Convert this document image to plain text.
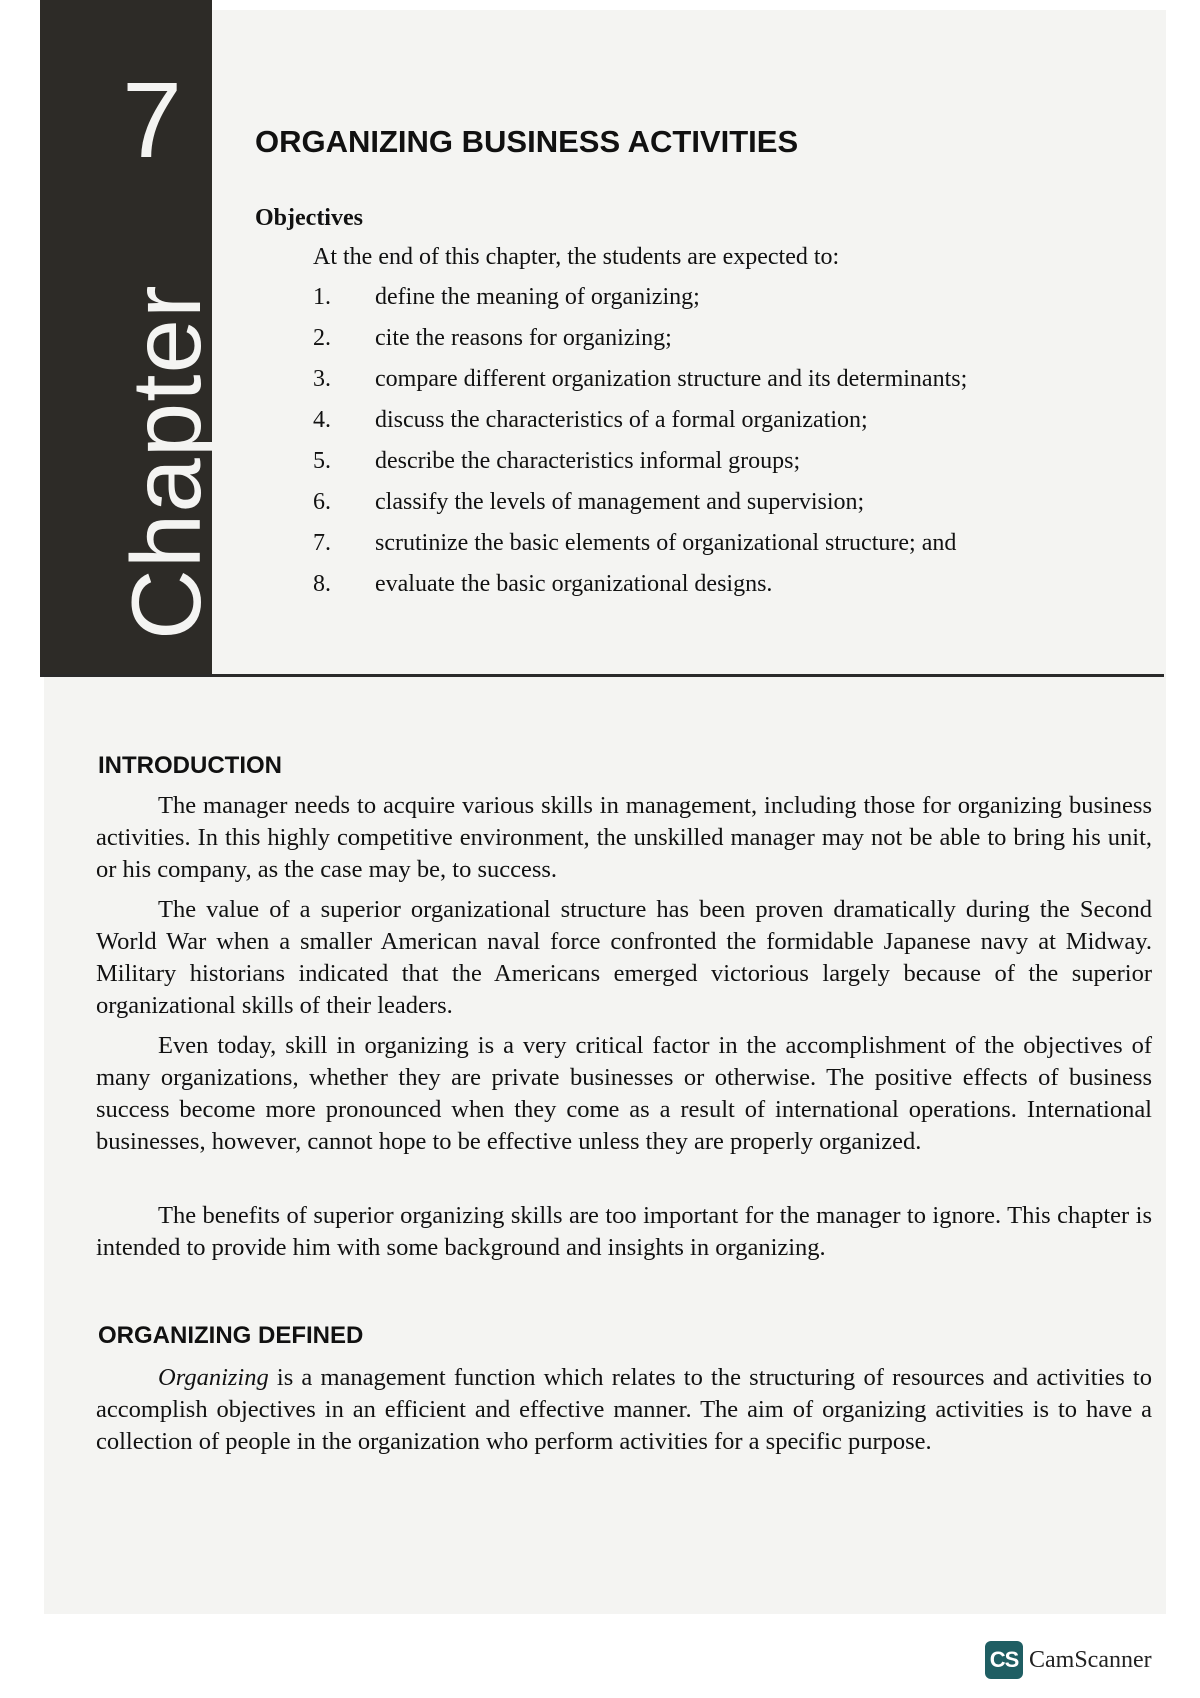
7
Chapter
ORGANIZING BUSINESS ACTIVITIES
Objectives
At the end of this chapter, the students are expected to:
1. define the meaning of organizing;
2. cite the reasons for organizing;
3. compare different organization structure and its determinants;
4. discuss the characteristics of a formal organization;
5. describe the characteristics informal groups;
6. classify the levels of management and supervision;
7. scrutinize the basic elements of organizational structure; and
8. evaluate the basic organizational designs.
INTRODUCTION

The manager needs to acquire various skills in management, including those for organizing business activities. In this highly competitive environment, the unskilled manager may not be able to bring his unit, or his company, as the case may be, to success.

The value of a superior organizational structure has been proven dramatically during the Second World War when a smaller American naval force confronted the formidable Japanese navy at Midway. Military historians indicated that the Americans emerged victorious largely because of the superior organizational skills of their leaders.

Even today, skill in organizing is a very critical factor in the accomplishment of the objectives of many organizations, whether they are private businesses or otherwise. The positive effects of business success become more pronounced when they come as a result of international operations. International businesses, however, cannot hope to be effective unless they are properly organized.

The benefits of superior organizing skills are too important for the manager to ignore. This chapter is intended to provide him with some background and insights in organizing.

ORGANIZING DEFINED

Organizing is a management function which relates to the structuring of resources and activities to accomplish objectives in an efficient and effective manner. The aim of organizing activities is to have a collection of people in the organization who perform activities for a specific purpose.

CS CamScanner
